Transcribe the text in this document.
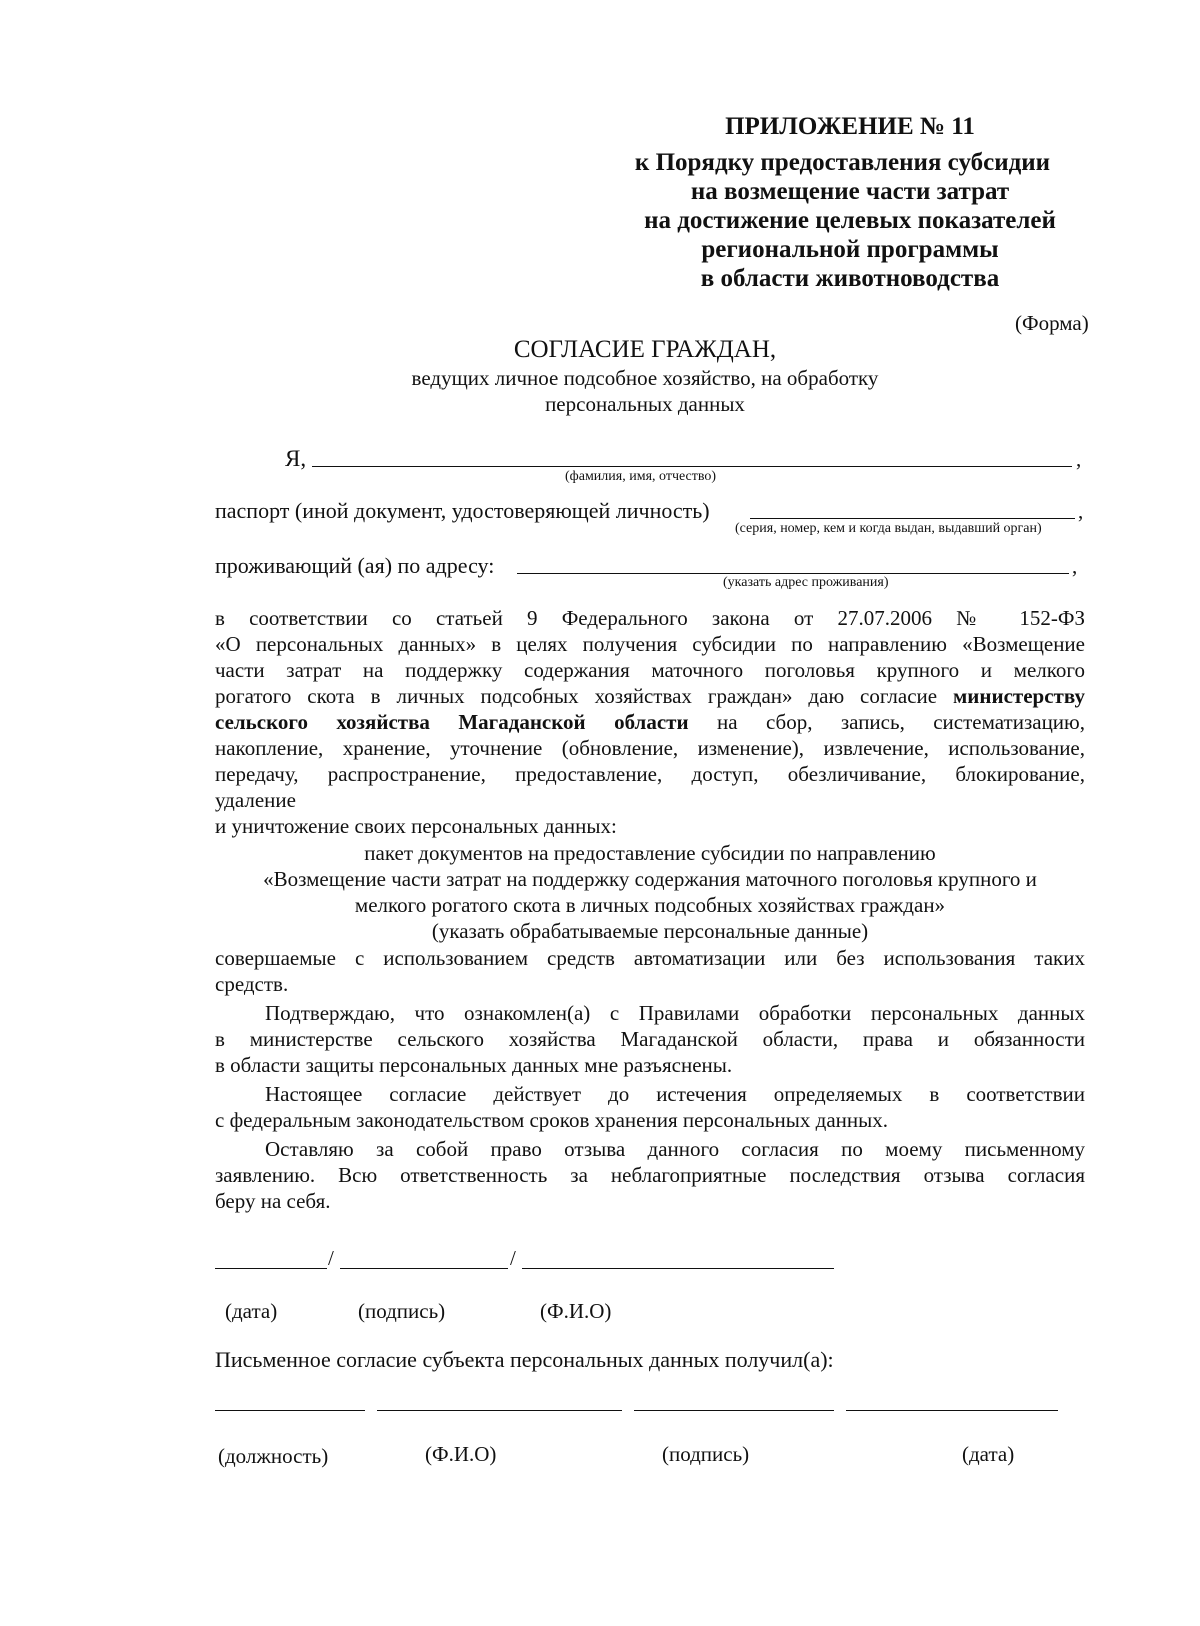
ПРИЛОЖЕНИЕ № 11
к Порядку предоставления субсидии
на возмещение части затрат
на достижение целевых показателей
региональной программы
в области животноводства
(Форма)
СОГЛАСИЕ ГРАЖДАН,
ведущих личное подсобное хозяйство, на обработку
персональных данных
Я,	,
(фамилия, имя, отчество)
паспорт (иной документ, удостоверяющей личность)	,
(серия, номер, кем и когда выдан, выдавший орган)
проживающий (ая) по адресу:	,
(указать адрес проживания)
в соответствии со статьей 9 Федерального закона от 27.07.2006 № 152-ФЗ
«О персональных данных» в целях получения субсидии по направлению «Возмещение
части затрат на поддержку содержания маточного поголовья крупного и мелкого
рогатого скота в личных подсобных хозяйствах граждан» даю согласие министерству
сельского хозяйства Магаданской области на сбор, запись, систематизацию,
накопление, хранение, уточнение (обновление, изменение), извлечение, использование,
передачу, распространение, предоставление, доступ, обезличивание, блокирование,
удаление
и уничтожение своих персональных данных:
пакет документов на предоставление субсидии по направлению
«Возмещение части затрат на поддержку содержания маточного поголовья крупного и
мелкого рогатого скота в личных подсобных хозяйствах граждан»
(указать обрабатываемые персональные данные)
совершаемые с использованием средств автоматизации или без использования таких
средств.
Подтверждаю, что ознакомлен(а) с Правилами обработки персональных данных
в министерстве сельского хозяйства Магаданской области, права и обязанности
в области защиты персональных данных мне разъяснены.
Настоящее согласие действует до истечения определяемых в соответствии
с федеральным законодательством сроков хранения персональных данных.
Оставляю за собой право отзыва данного согласия по моему письменному
заявлению. Всю ответственность за неблагоприятные последствия отзыва согласия
беру на себя.
/	/
(дата)	(подпись)	(Ф.И.О)
Письменное согласие субъекта персональных данных получил(а):
(должность)	(Ф.И.О)	(подпись)	(дата)
